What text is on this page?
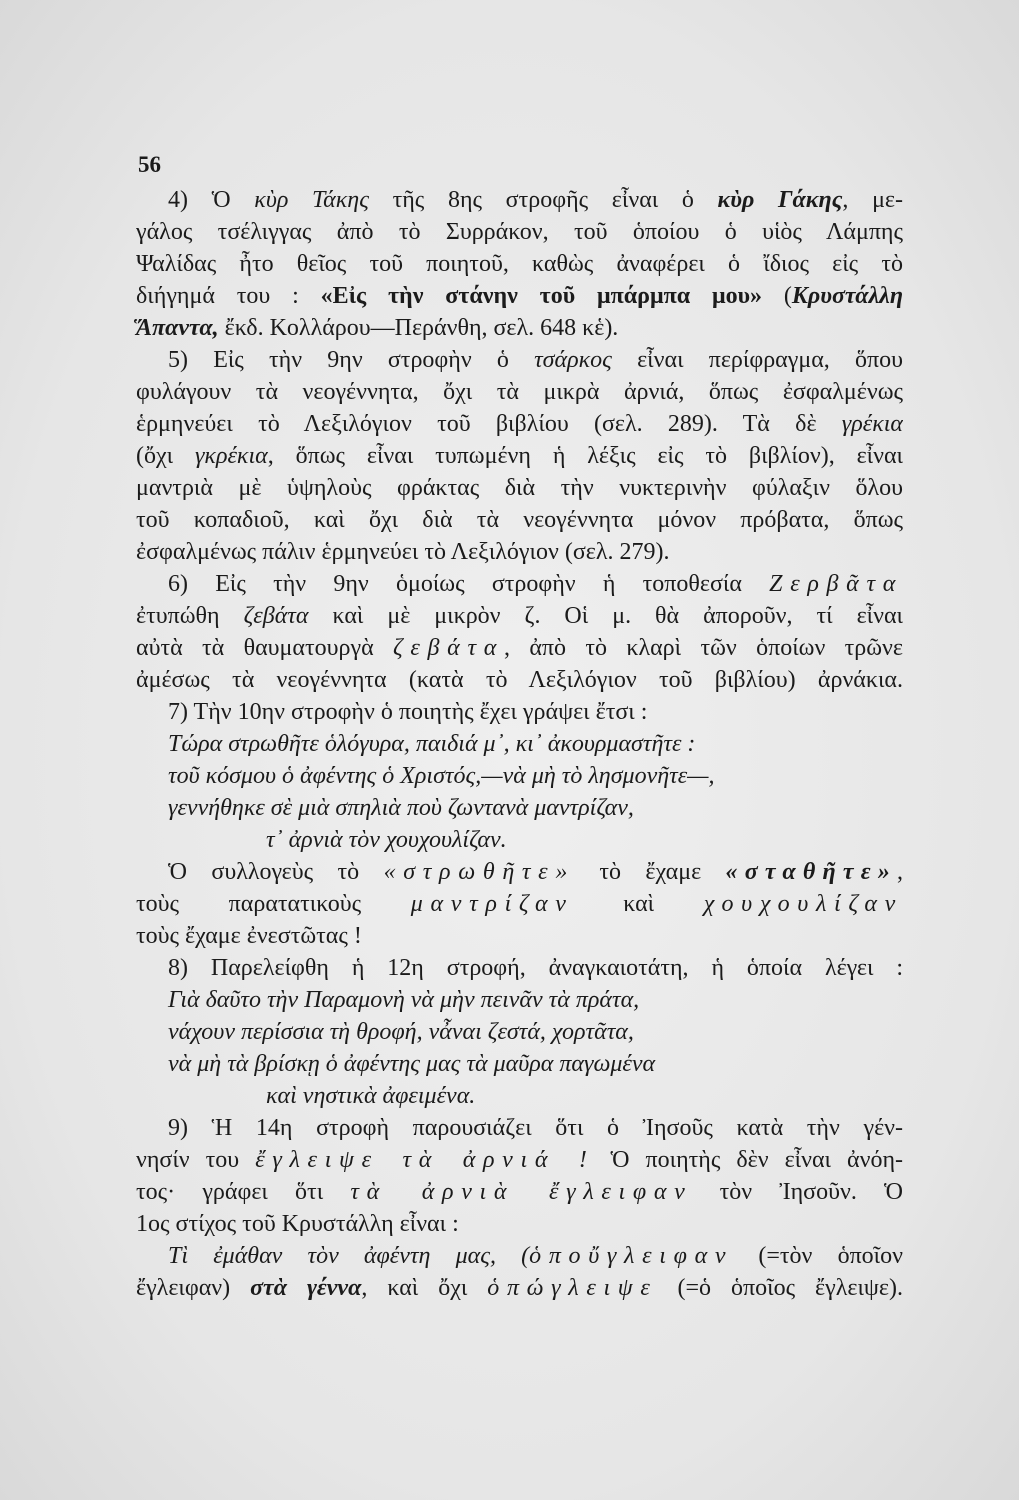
56
4) Ὁ κὺρ Τάκης τῆς 8ης στροφῆς εἶναι ὁ κὺρ Γάκης, με-
γάλος τσέλιγγας ἀπὸ τὸ Συρράκον, τοῦ ὁποίου ὁ υἱὸς Λάμπης
Ψαλίδας ἦτο θεῖος τοῦ ποιητοῦ, καθὼς ἀναφέρει ὁ ἴδιος εἰς τὸ
διήγημά του : «Εἰς τὴν στάνην τοῦ μπάρμπα μου» (Κρυστάλλη
Ἅπαντα, ἔκδ. Κολλάρου—Περάνθη, σελ. 648 κἑ).
5) Εἰς τὴν 9ην στροφὴν ὁ τσάρκος εἶναι περίφραγμα, ὅπου
φυλάγουν τὰ νεογέννητα, ὄχι τὰ μικρὰ ἀρνιά, ὅπως ἐσφαλμένως
ἑρμηνεύει τὸ Λεξιλόγιον τοῦ βιβλίου (σελ. 289). Τὰ δὲ γρέκια
(ὄχι γκρέκια, ὅπως εἶναι τυπωμένη ἡ λέξις εἰς τὸ βιβλίον), εἶναι
μαντριὰ μὲ ὑψηλοὺς φράκτας διὰ τὴν νυκτερινὴν φύλαξιν ὅλου
τοῦ κοπαδιοῦ, καὶ ὄχι διὰ τὰ νεογέννητα μόνον πρόβατα, ὅπως
ἐσφαλμένως πάλιν ἑρμηνεύει τὸ Λεξιλόγιον (σελ. 279).
6) Εἰς τὴν 9ην ὁμοίως στροφὴν ἡ τοποθεσία Ζερβᾶτα
ἐτυπώθη ζεβάτα καὶ μὲ μικρὸν ζ. Οἱ μ. θὰ ἀποροῦν, τί εἶναι
αὐτὰ τὰ θαυματουργὰ ζεβάτα, ἀπὸ τὸ κλαρὶ τῶν ὁποίων τρῶνε
ἀμέσως τὰ νεογέννητα (κατὰ τὸ Λεξιλόγιον τοῦ βιβλίου) ἀρνάκια.
7) Τὴν 10ην στροφὴν ὁ ποιητὴς ἔχει γράψει ἔτσι :
Τώρα στρωθῆτε ὁλόγυρα, παιδιά μ᾽, κι᾽ ἀκουρμαστῆτε :
τοῦ κόσμου ὁ ἀφέντης ὁ Χριστός,—νὰ μὴ τὸ λησμονῆτε—,
γεννήθηκε σὲ μιὰ σπηλιὰ ποὺ ζωντανὰ μαντρίζαν,
τ᾽ ἀρνιὰ τὸν χουχουλίζαν.
Ὁ συλλογεὺς τὸ «στρωθῆτε» τὸ ἔχαμε «σταθῆτε»,
τοὺς παρατατικοὺς μαντρίζαν καὶ χουχουλίζαν
τοὺς ἔχαμε ἐνεστῶτας !
8) Παρελείφθη ἡ 12η στροφή, ἀναγκαιοτάτη, ἡ ὁποία λέγει :
Γιὰ δαῦτο τὴν Παραμονὴ νὰ μὴν πεινᾶν τὰ πράτα,
νάχουν περίσσια τὴ θροφή, νἆναι ζεστά, χορτᾶτα,
νὰ μὴ τὰ βρίσκῃ ὁ ἀφέντης μας τὰ μαῦρα παγωμένα
καὶ νηστικὰ ἀφειμένα.
9) Ἡ 14η στροφὴ παρουσιάζει ὅτι ὁ Ἰησοῦς κατὰ τὴν γέν-
νησίν του ἔγλειψε τὰ ἀρνιά ! Ὁ ποιητὴς δὲν εἶναι ἀνόη-
τος· γράφει ὅτι τὰ ἀρνιὰ ἔγλειφαν τὸν Ἰησοῦν. Ὁ
1ος στίχος τοῦ Κρυστάλλη εἶναι :
Τὶ ἐμάθαν τὸν ἀφέντη μας, (ὁποὔγλειφαν (=τὸν ὁποῖον
ἔγλειφαν) στὰ γέννα, καὶ ὄχι ὁπώγλειψε (=ὁ ὁποῖος ἔγλειψε).
